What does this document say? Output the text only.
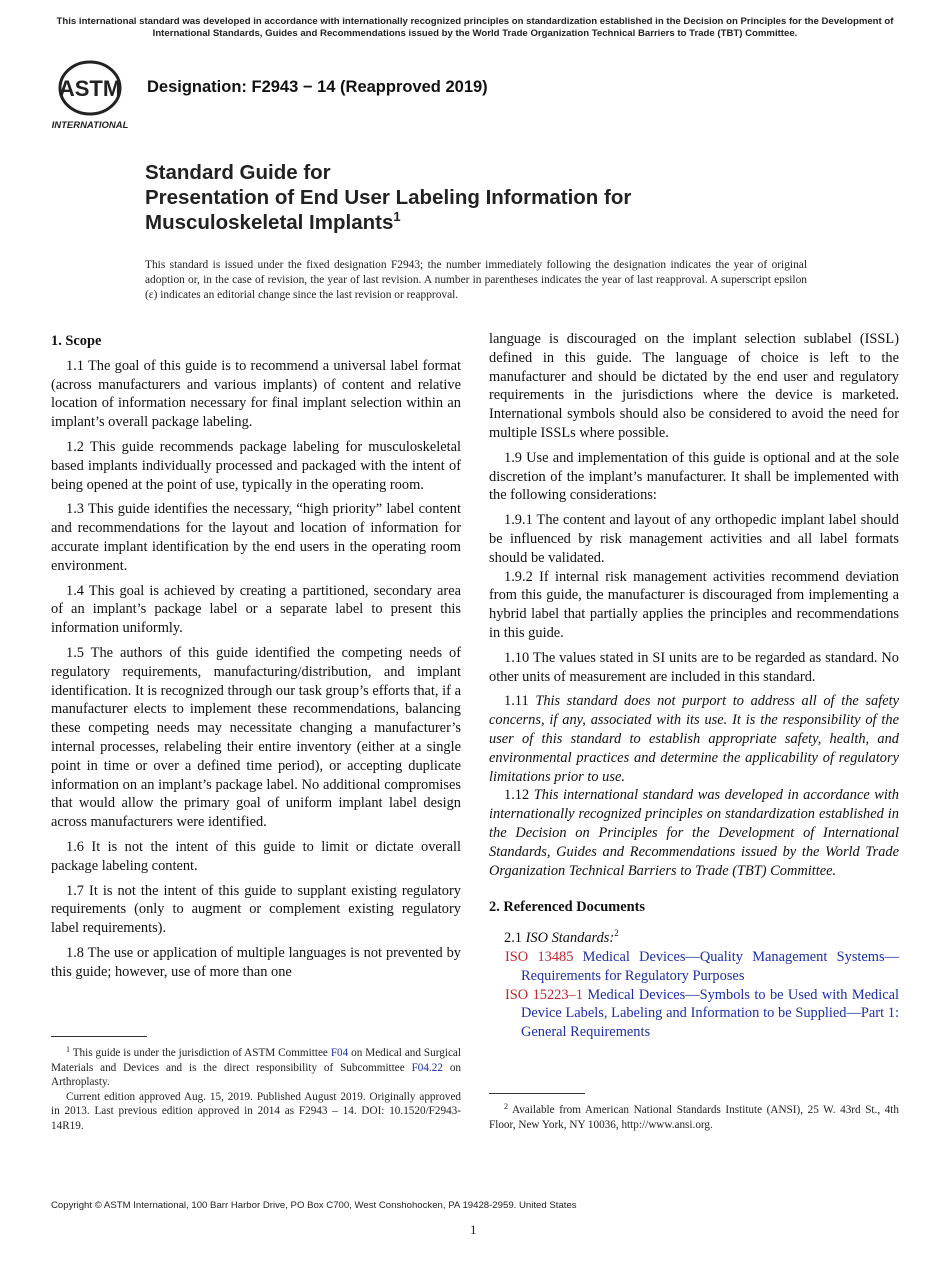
This international standard was developed in accordance with internationally recognized principles on standardization established in the Decision on Principles for the Development of International Standards, Guides and Recommendations issued by the World Trade Organization Technical Barriers to Trade (TBT) Committee.
ASTM
INTERNATIONAL
Designation: F2943 − 14 (Reapproved 2019)
Standard Guide for
Presentation of End User Labeling Information for
Musculoskeletal Implants$^1$
This standard is issued under the fixed designation F2943; the number immediately following the designation indicates the year of original adoption or, in the case of revision, the year of last revision. A number in parentheses indicates the year of last reapproval. A superscript epsilon (ε) indicates an editorial change since the last revision or reapproval.
1. Scope

1.1 The goal of this guide is to recommend a universal label format (across manufacturers and various implants) of content and relative location of information necessary for final implant selection within an implant’s overall package labeling.

1.2 This guide recommends package labeling for musculoskeletal based implants individually processed and packaged with the intent of being opened at the point of use, typically in the operating room.

1.3 This guide identifies the necessary, “high priority” label content and recommendations for the layout and location of information for accurate implant identification by the end users in the operating room environment.

1.4 This goal is achieved by creating a partitioned, secondary area of an implant’s package label or a separate label to present this information uniformly.

1.5 The authors of this guide identified the competing needs of regulatory requirements, manufacturing/distribution, and implant identification. It is recognized through our task group’s efforts that, if a manufacturer elects to implement these recommendations, balancing these competing needs may necessitate changing a manufacturer’s internal processes, relabeling their entire inventory (either at a single point in time or over a defined time period), or accepting duplicate information on an implant’s package label. No additional compromises that would allow the primary goal of uniform implant label design across manufacturers were identified.

1.6 It is not the intent of this guide to limit or dictate overall package labeling content.

1.7 It is not the intent of this guide to supplant existing regulatory requirements (only to augment or complement existing regulatory label requirements).

1.8 The use or application of multiple languages is not prevented by this guide; however, use of more than one

$^1$ This guide is under the jurisdiction of ASTM Committee F04 on Medical and Surgical Materials and Devices and is the direct responsibility of Subcommittee F04.22 on Arthroplasty.

Current edition approved Aug. 15, 2019. Published August 2019. Originally approved in 2013. Last previous edition approved in 2014 as F2943 – 14. DOI: 10.1520/F2943-14R19.

language is discouraged on the implant selection sublabel (ISSL) defined in this guide. The language of choice is left to the manufacturer and should be dictated by the end user and regulatory requirements in the jurisdictions where the device is marketed. International symbols should also be considered to avoid the need for multiple ISSLs where possible.

1.9 Use and implementation of this guide is optional and at the sole discretion of the implant’s manufacturer. It shall be implemented with the following considerations:

1.9.1 The content and layout of any orthopedic implant label should be influenced by risk management activities and all label formats should be validated.

1.9.2 If internal risk management activities recommend deviation from this guide, the manufacturer is discouraged from implementing a hybrid label that partially applies the principles and recommendations in this guide.

1.10 The values stated in SI units are to be regarded as standard. No other units of measurement are included in this standard.

1.11 This standard does not purport to address all of the safety concerns, if any, associated with its use. It is the responsibility of the user of this standard to establish appropriate safety, health, and environmental practices and determine the applicability of regulatory limitations prior to use.

1.12 This international standard was developed in accordance with internationally recognized principles on standardization established in the Decision on Principles for the Development of International Standards, Guides and Recommendations issued by the World Trade Organization Technical Barriers to Trade (TBT) Committee.

2. Referenced Documents

2.1 ISO Standards:$^2$

ISO 13485 Medical Devices—Quality Management Systems—Requirements for Regulatory Purposes

ISO 15223–1 Medical Devices—Symbols to be Used with Medical Device Labels, Labeling and Information to be Supplied—Part 1: General Requirements

$^2$ Available from American National Standards Institute (ANSI), 25 W. 43rd St., 4th Floor, New York, NY 10036, http://www.ansi.org.

Copyright © ASTM International, 100 Barr Harbor Drive, PO Box C700, West Conshohocken, PA 19428-2959. United States
1
